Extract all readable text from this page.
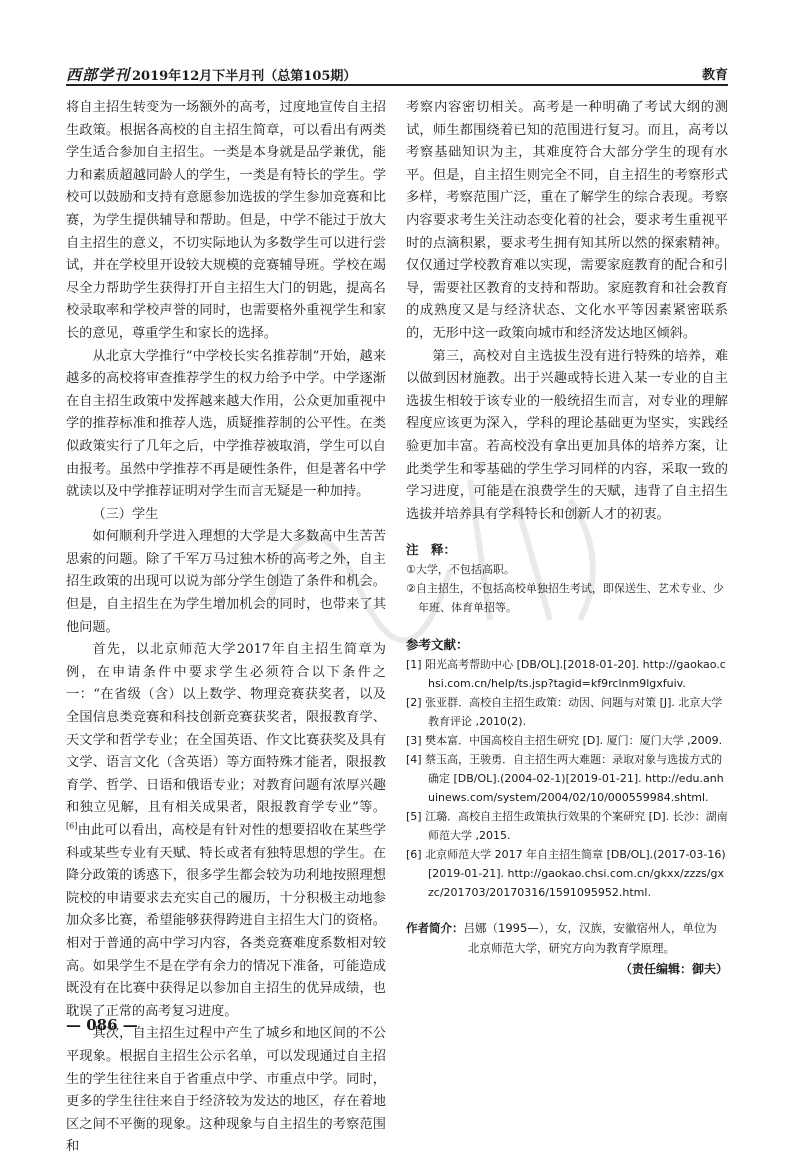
西部学刊 2019年12月下半月刊（总第105期）	教育

将自主招生转变为一场额外的高考，过度地宣传自主招生政策。根据各高校的自主招生简章，可以看出有两类学生适合参加自主招生。一类是本身就是品学兼优，能力和素质超越同龄人的学生，一类是有特长的学生。学校可以鼓励和支持有意愿参加选拔的学生参加竞赛和比赛，为学生提供辅导和帮助。但是，中学不能过于放大自主招生的意义，不切实际地认为多数学生可以进行尝试，并在学校里开设较大规模的竞赛辅导班。学校在竭尽全力帮助学生获得打开自主招生大门的钥匙，提高名校录取率和学校声誉的同时，也需要格外重视学生和家长的意见，尊重学生和家长的选择。

从北京大学推行“中学校长实名推荐制”开始，越来越多的高校将审查推荐学生的权力给予中学。中学逐渐在自主招生政策中发挥越来越大作用，公众更加重视中学的推荐标准和推荐人选，质疑推荐制的公平性。在类似政策实行了几年之后，中学推荐被取消，学生可以自由报考。虽然中学推荐不再是硬性条件，但是著名中学就读以及中学推荐证明对学生而言无疑是一种加持。

（三）学生

如何顺利升学进入理想的大学是大多数高中生苦苦思索的问题。除了千军万马过独木桥的高考之外，自主招生政策的出现可以说为部分学生创造了条件和机会。但是，自主招生在为学生增加机会的同时，也带来了其他问题。

首先，以北京师范大学2017年自主招生简章为例，在申请条件中要求学生必须符合以下条件之一：“在省级（含）以上数学、物理竞赛获奖者，以及全国信息类竞赛和科技创新竞赛获奖者，限报教育学、天文学和哲学专业；在全国英语、作文比赛获奖及具有文学、语言文化（含英语）等方面特殊才能者，限报教育学、哲学、日语和俄语专业；对教育问题有浓厚兴趣和独立见解，且有相关成果者，限报教育学专业”等。[6]由此可以看出，高校是有针对性的想要招收在某些学科或某些专业有天赋、特长或者有独特思想的学生。在降分政策的诱惑下，很多学生都会较为功利地按照理想院校的申请要求去充实自己的履历，十分积极主动地参加众多比赛，希望能够获得跨进自主招生大门的资格。相对于普通的高中学习内容，各类竞赛难度系数相对较高。如果学生不是在学有余力的情况下准备，可能造成既没有在比赛中获得足以参加自主招生的优异成绩，也耽误了正常的高考复习进度。

其次，自主招生过程中产生了城乡和地区间的不公平现象。根据自主招生公示名单，可以发现通过自主招生的学生往往来自于省重点中学、市重点中学。同时，更多的学生往往来自于经济较为发达的地区，存在着地区之间不平衡的现象。这种现象与自主招生的考察范围和

考察内容密切相关。高考是一种明确了考试大纲的测试，师生都围绕着已知的范围进行复习。而且，高考以考察基础知识为主，其难度符合大部分学生的现有水平。但是，自主招生则完全不同，自主招生的考察形式多样，考察范围广泛，重在了解学生的综合表现。考察内容要求考生关注动态变化着的社会，要求考生重视平时的点滴积累，要求考生拥有知其所以然的探索精神。仅仅通过学校教育难以实现，需要家庭教育的配合和引导，需要社区教育的支持和帮助。家庭教育和社会教育的成熟度又是与经济状态、文化水平等因素紧密联系的，无形中这一政策向城市和经济发达地区倾斜。

第三，高校对自主选拔生没有进行特殊的培养，难以做到因材施教。出于兴趣或特长进入某一专业的自主选拔生相较于该专业的一般统招生而言，对专业的理解程度应该更为深入，学科的理论基础更为坚实，实践经验更加丰富。若高校没有拿出更加具体的培养方案，让此类学生和零基础的学生学习同样的内容，采取一致的学习进度，可能是在浪费学生的天赋，违背了自主招生选拔并培养具有学科特长和创新人才的初衷。

注　释：
①大学，不包括高职。
②自主招生，不包括高校单独招生考试，即保送生、艺术专业、少年班、体育单招等。
参考文献：
[1] 阳光高考帮助中心 [DB/OL].[2018-01-20]. http://gaokao.chsi.com.cn/help/ts.jsp?tagid=kf9rclnm9lgxfuiv.
[2] 张亚群．高校自主招生政策：动因、问题与对策 [J]. 北京大学教育评论 ,2010(2).
[3] 樊本富．中国高校自主招生研究 [D]. 厦门：厦门大学 ,2009.
[4] 蔡玉高，王骏勇．自主招生两大难题：录取对象与选拔方式的确定 [DB/OL].(2004-02-1)[2019-01-21]. http://edu.anhuinews.com/system/2004/02/10/000559984.shtml.
[5] 江璐．高校自主招生政策执行效果的个案研究 [D]. 长沙：湖南师范大学 ,2015.
[6] 北京师范大学 2017 年自主招生简章 [DB/OL].(2017-03-16)[2019-01-21]. http://gaokao.chsi.com.cn/gkxx/zzzs/gxzc/201703/20170316/1591095952.html.
作者简介：吕娜（1995—），女，汉族，安徽宿州人，单位为北京师范大学，研究方向为教育学原理。
（责任编辑：御夫）
— 086 —
